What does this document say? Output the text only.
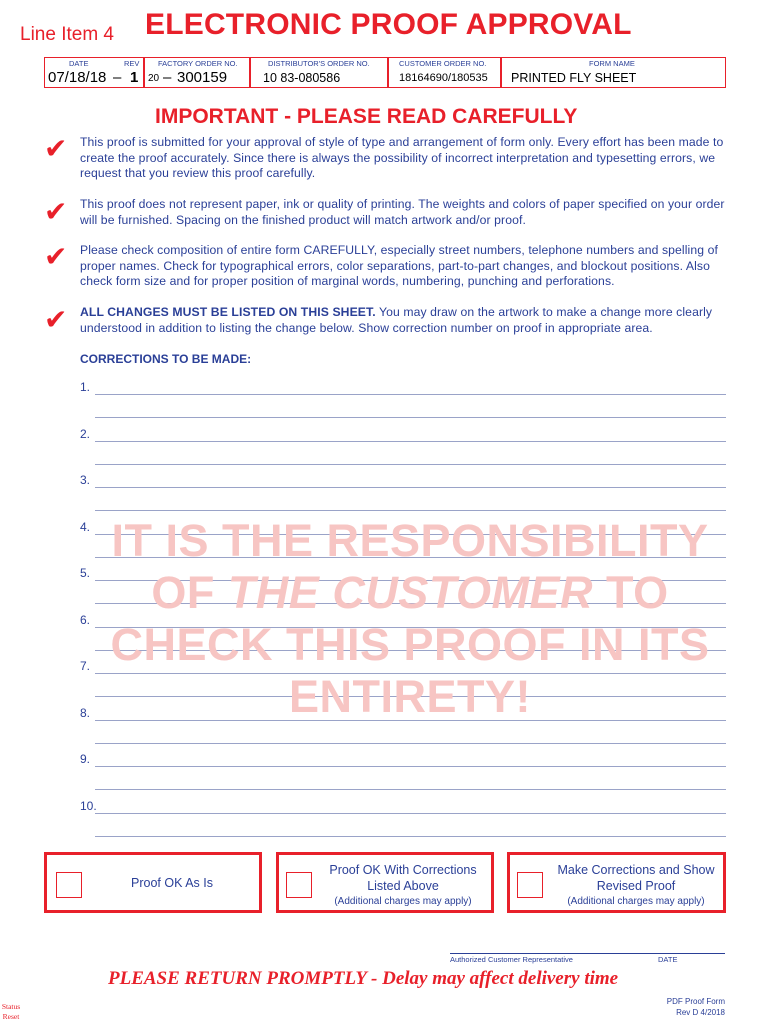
Line Item 4 ELECTRONIC PROOF APPROVAL
DATE	REV
07/18/18 – 1
FACTORY ORDER NO.
20 – 300159
DISTRIBUTOR'S ORDER NO.
10 83-080586
CUSTOMER ORDER NO.
18164690/180535
FORM NAME
PRINTED FLY SHEET
IMPORTANT - PLEASE READ CAREFULLY
✔ This proof is submitted for your approval of style of type and arrangement of form only. Every effort has been made to create the proof accurately. Since there is always the possibility of incorrect interpretation and typesetting errors, we request that you review this proof carefully.
✔ This proof does not represent paper, ink or quality of printing. The weights and colors of paper specified on your order will be furnished. Spacing on the finished product will match artwork and/or proof.
✔ Please check composition of entire form CAREFULLY, especially street numbers, telephone numbers and spelling of proper names. Check for typographical errors, color separations, part-to-part changes, and blockout positions. Also check form size and for proper position of marginal words, numbering, punching and perforations.
✔ ALL CHANGES MUST BE LISTED ON THIS SHEET. You may draw on the artwork to make a change more clearly understood in addition to listing the change below. Show correction number on proof in appropriate area.
CORRECTIONS TO BE MADE:
1.
2.
3.
4.
5.
6.
7.
8.
9.
10.
IT IS THE RESPONSIBILITY
OF THE CUSTOMER TO
CHECK THIS PROOF IN ITS
ENTIRETY!
Proof OK As Is
Proof OK With Corrections Listed Above
(Additional charges may apply)
Make Corrections and Show Revised Proof
(Additional charges may apply)
Authorized Customer Representative	DATE
PLEASE RETURN PROMPTLY - Delay may affect delivery time
PDF Proof Form
Rev D 4/2018
Status
Reset
